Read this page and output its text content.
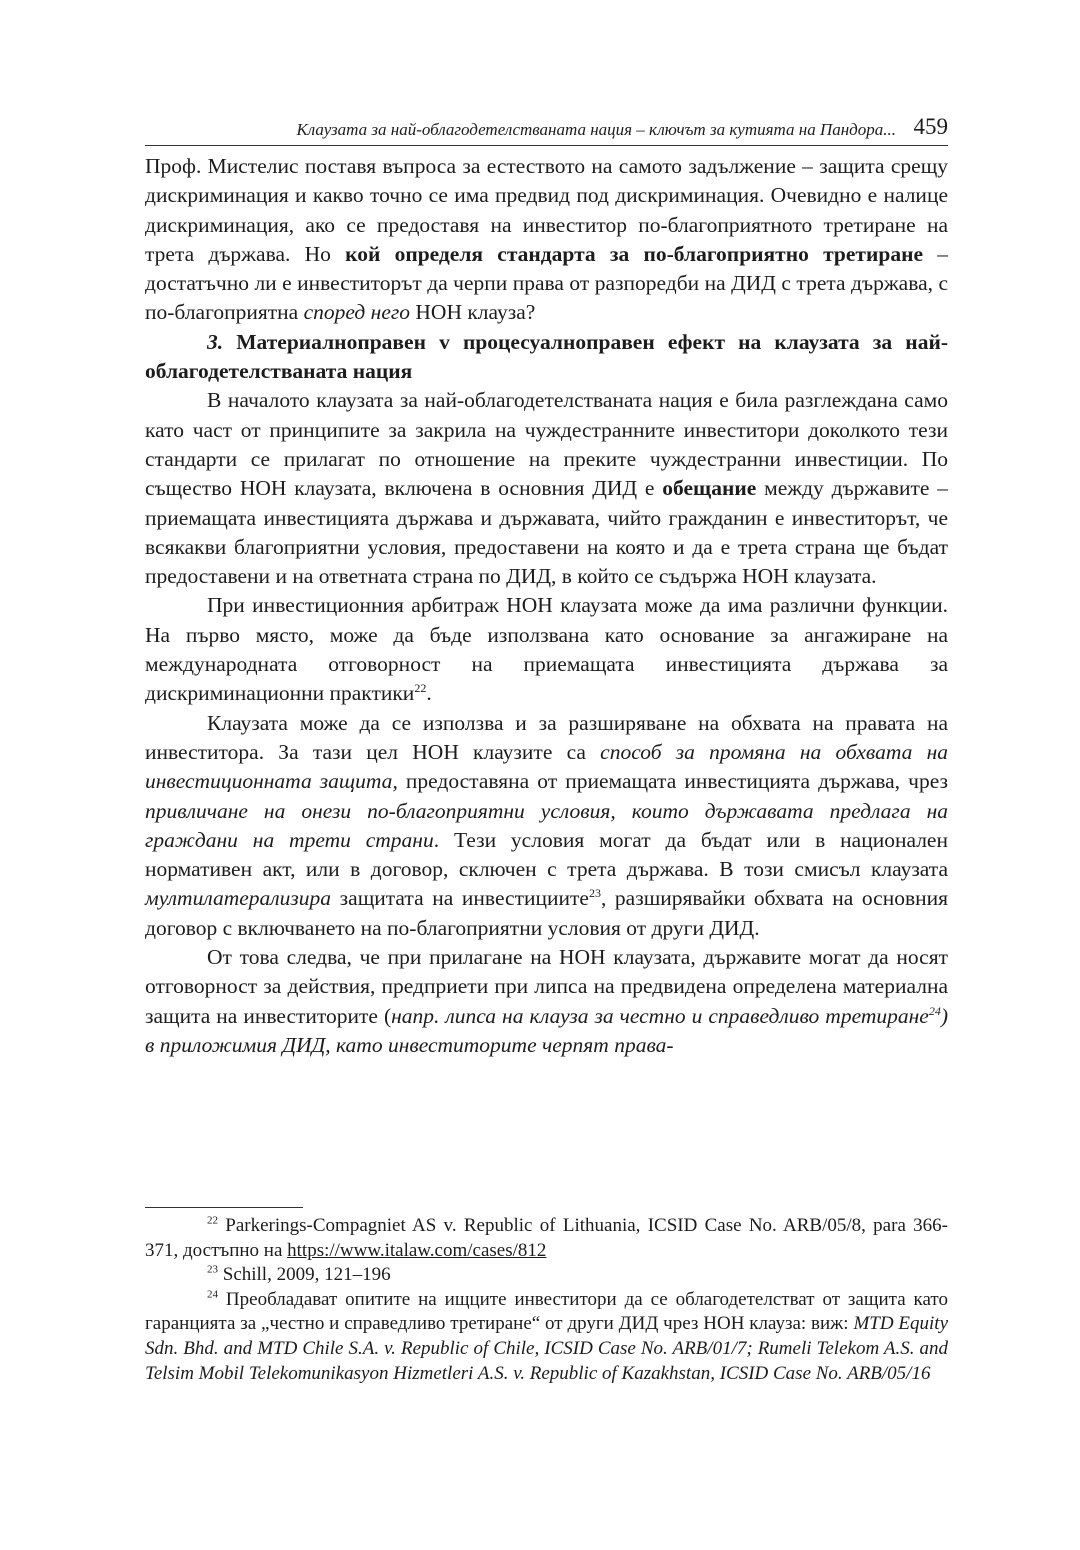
Клаузата за най-облагодетелстваната нация – ключът за кутията на Пандора... 459

Проф. Мистелис поставя въпроса за естеството на самото задължение – защита срещу дискриминация и какво точно се има предвид под дискриминация. Очевидно е налице дискриминация, ако се предоставя на инвеститор по-благоприятното третиране на трета държава. Но кой определя стандарта за по-благоприятно третиране – достатъчно ли е инвеститорът да черпи права от разпоредби на ДИД с трета държава, с по-благоприятна според него НОН клауза?

3. Материалноправен v процесуалноправен ефект на клаузата за най-облагодетелстваната нация

В началото клаузата за най-облагодетелстваната нация е била разглеждана само като част от принципите за закрила на чуждестранните инвеститори доколкото тези стандарти се прилагат по отношение на преките чуждестранни инвестиции. По същество НОН клаузата, включена в основния ДИД е обещание между държавите – приемащата инвестицията държава и държавата, чийто гражданин е инвеститорът, че всякакви благоприятни условия, предоставени на която и да е трета страна ще бъдат предоставени и на ответната страна по ДИД, в който се съдържа НОН клаузата.

При инвестиционния арбитраж НОН клаузата може да има различни функции. На първо място, може да бъде използвана като основание за ангажиране на международната отговорност на приемащата инвестицията държава за дискриминационни практики$^{22}$.

Клаузата може да се използва и за разширяване на обхвата на правата на инвеститора. За тази цел НОН клаузите са способ за промяна на обхвата на инвестиционната защита, предоставяна от приемащата инвестицията държава, чрез привличане на онези по-благоприятни условия, които държавата предлага на граждани на трети страни. Тези условия могат да бъдат или в национален нормативен акт, или в договор, сключен с трета държава. В този смисъл клаузата мултилатерализира защитата на инвестициите$^{23}$, разширявайки обхвата на основния договор с включването на по-благоприятни условия от други ДИД.

От това следва, че при прилагане на НОН клаузата, държавите могат да носят отговорност за действия, предприети при липса на предвидена определена материална защита на инвеститорите (напр. липса на клауза за честно и справедливо третиране$^{24}$) в приложимия ДИД, като инвеститорите черпят права-

$^{22}$ Parkerings-Compagniet AS v. Republic of Lithuania, ICSID Case No. ARB/05/8, para 366-371, достъпно на https://www.italaw.com/cases/812

$^{23}$ Schill, 2009, 121–196

$^{24}$ Преобладават опитите на ищците инвеститори да се облагодетелстват от защита като гаранцията за „честно и справедливо третиране“ от други ДИД чрез НОН клауза: виж: MTD Equity Sdn. Bhd. and MTD Chile S.A. v. Republic of Chile, ICSID Case No. ARB/01/7; Rumeli Telekom A.S. and Telsim Mobil Telekomunikasyon Hizmetleri A.S. v. Republic of Kazakhstan, ICSID Case No. ARB/05/16
